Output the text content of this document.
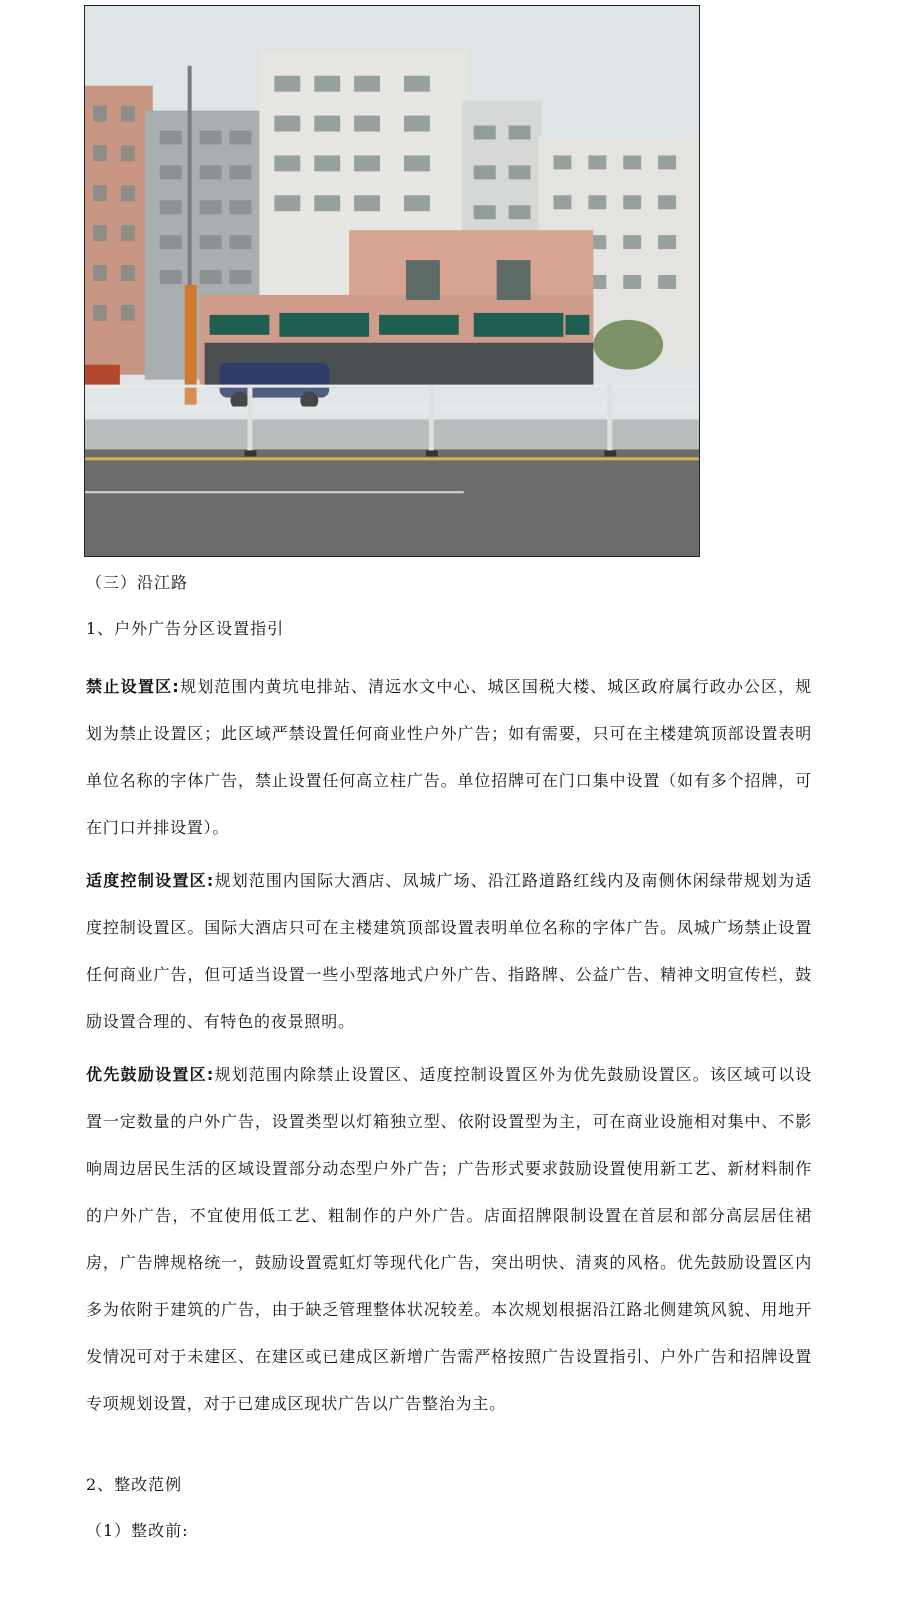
（三）沿江路
1、户外广告分区设置指引
禁止设置区:规划范围内黄坑电排站、清远水文中心、城区国税大楼、城区政府属行政办公区，规划为禁止设置区；此区域严禁设置任何商业性户外广告；如有需要，只可在主楼建筑顶部设置表明单位名称的字体广告，禁止设置任何高立柱广告。单位招牌可在门口集中设置（如有多个招牌，可在门口并排设置）。
适度控制设置区:规划范围内国际大酒店、凤城广场、沿江路道路红线内及南侧休闲绿带规划为适度控制设置区。国际大酒店只可在主楼建筑顶部设置表明单位名称的字体广告。凤城广场禁止设置任何商业广告，但可适当设置一些小型落地式户外广告、指路牌、公益广告、精神文明宣传栏，鼓励设置合理的、有特色的夜景照明。
优先鼓励设置区:规划范围内除禁止设置区、适度控制设置区外为优先鼓励设置区。该区域可以设置一定数量的户外广告，设置类型以灯箱独立型、依附设置型为主，可在商业设施相对集中、不影响周边居民生活的区域设置部分动态型户外广告；广告形式要求鼓励设置使用新工艺、新材料制作的户外广告，不宜使用低工艺、粗制作的户外广告。店面招牌限制设置在首层和部分高层居住裙房，广告牌规格统一，鼓励设置霓虹灯等现代化广告，突出明快、清爽的风格。优先鼓励设置区内多为依附于建筑的广告，由于缺乏管理整体状况较差。本次规划根据沿江路北侧建筑风貌、用地开发情况可对于未建区、在建区或已建成区新增广告需严格按照广告设置指引、户外广告和招牌设置专项规划设置，对于已建成区现状广告以广告整治为主。
2、整改范例
（1）整改前:
